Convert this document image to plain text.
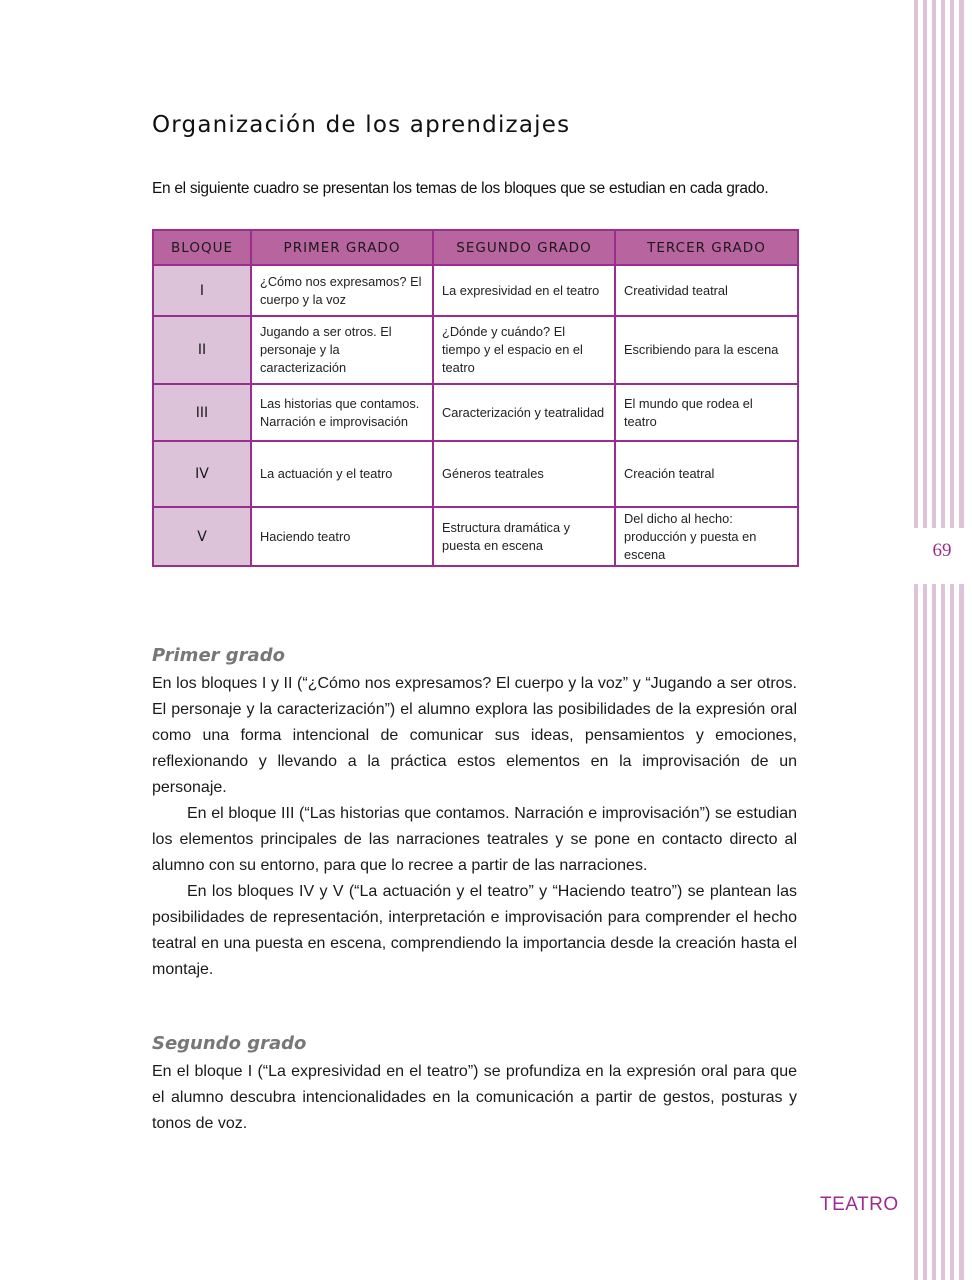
69
Organización de los aprendizajes
En el siguiente cuadro se presentan los temas de los bloques que se estudian en cada grado.
BLOQUE	PRIMER GRADO	SEGUNDO GRADO	TERCER GRADO
I	¿Cómo nos expresamos? El cuerpo y la voz	La expresividad en el teatro	Creatividad teatral
II	Jugando a ser otros. El personaje y la caracterización	¿Dónde y cuándo? El tiempo y el espacio en el teatro	Escribiendo para la escena
III	Las historias que contamos. Narración e improvisación	Caracterización y teatralidad	El mundo que rodea el teatro
IV	La actuación y el teatro	Géneros teatrales	Creación teatral
V	Haciendo teatro	Estructura dramática y puesta en escena	Del dicho al hecho: producción y puesta en escena
Primer grado

En los bloques I y II (“¿Cómo nos expresamos? El cuerpo y la voz” y “Jugando a ser otros. El personaje y la caracterización”) el alumno explora las posibilidades de la expresión oral como una forma intencional de comunicar sus ideas, pensamientos y emociones, reflexionando y llevando a la práctica estos elementos en la improvisación de un personaje.

En el bloque III (“Las historias que contamos. Narración e improvisación”) se estudian los elementos principales de las narraciones teatrales y se pone en contacto directo al alumno con su entorno, para que lo recree a partir de las narraciones.

En los bloques IV y V (“La actuación y el teatro” y “Haciendo teatro”) se plantean las posibilidades de representación, interpretación e improvisación para comprender el hecho teatral en una puesta en escena, comprendiendo la importancia desde la creación hasta el montaje.

Segundo grado

En el bloque I (“La expresividad en el teatro”) se profundiza en la expresión oral para que el alumno descubra intencionalidades en la comunicación a partir de gestos, posturas y tonos de voz.

TEATRO
